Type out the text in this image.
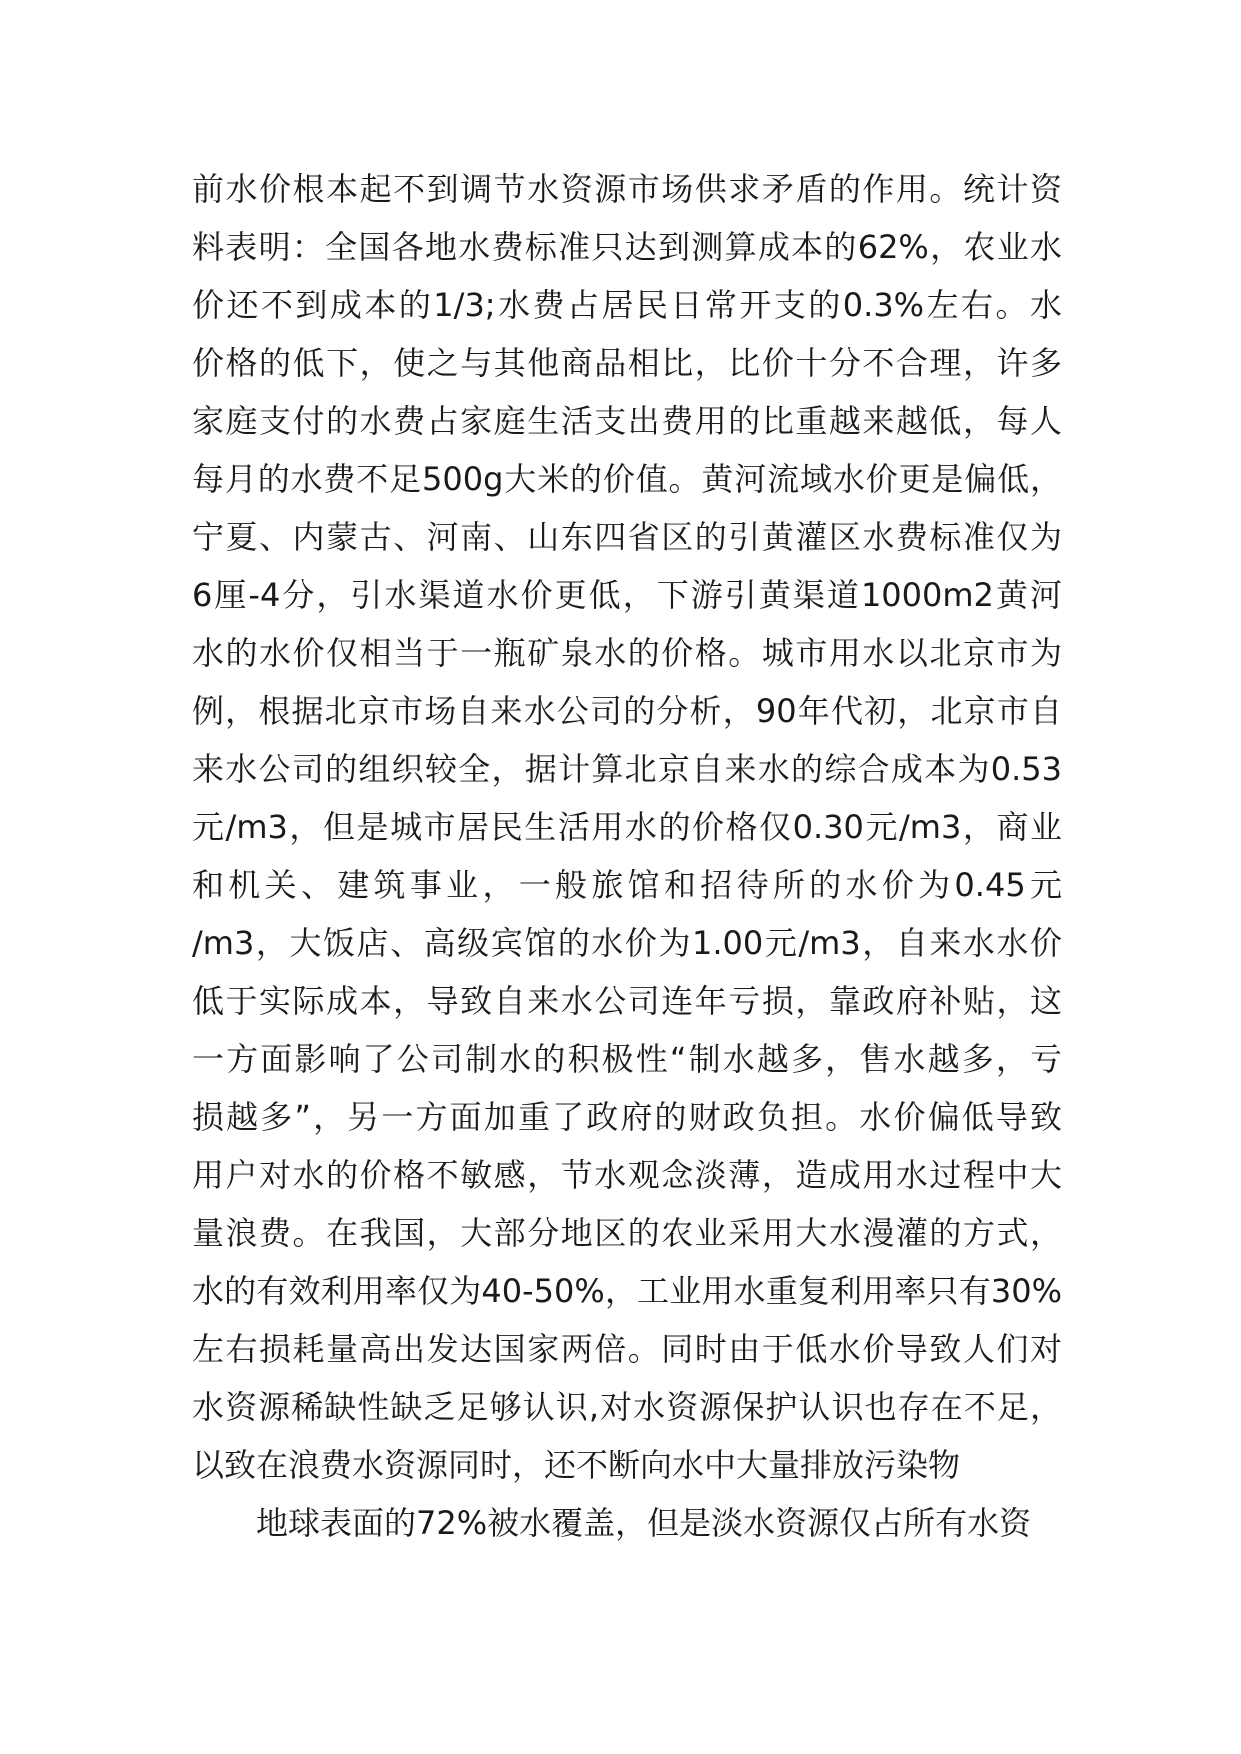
前水价根本起不到调节水资源市场供求矛盾的作用。统计资
料表明：全国各地水费标准只达到测算成本的62%，农业水
价还不到成本的1/3;水费占居民日常开支的0.3%左右。水
价格的低下，使之与其他商品相比，比价十分不合理，许多
家庭支付的水费占家庭生活支出费用的比重越来越低，每人
每月的水费不足500g大米的价值。黄河流域水价更是偏低，
宁夏、内蒙古、河南、山东四省区的引黄灌区水费标准仅为
6厘-4分，引水渠道水价更低，下游引黄渠道1000m2黄河
水的水价仅相当于一瓶矿泉水的价格。城市用水以北京市为
例，根据北京市场自来水公司的分析，90年代初，北京市自
来水公司的组织较全，据计算北京自来水的综合成本为0.53
元/m3，但是城市居民生活用水的价格仅0.30元/m3，商业
和机关、建筑事业，一般旅馆和招待所的水价为0.45元
/m3，大饭店、高级宾馆的水价为1.00元/m3，自来水水价
低于实际成本，导致自来水公司连年亏损，靠政府补贴，这
一方面影响了公司制水的积极性“制水越多，售水越多，亏
损越多”，另一方面加重了政府的财政负担。水价偏低导致
用户对水的价格不敏感，节水观念淡薄，造成用水过程中大
量浪费。在我国，大部分地区的农业采用大水漫灌的方式，
水的有效利用率仅为40-50%，工业用水重复利用率只有30%
左右损耗量高出发达国家两倍。同时由于低水价导致人们对
水资源稀缺性缺乏足够认识,对水资源保护认识也存在不足，
以致在浪费水资源同时，还不断向水中大量排放污染物
地球表面的72%被水覆盖，但是淡水资源仅占所有水资
